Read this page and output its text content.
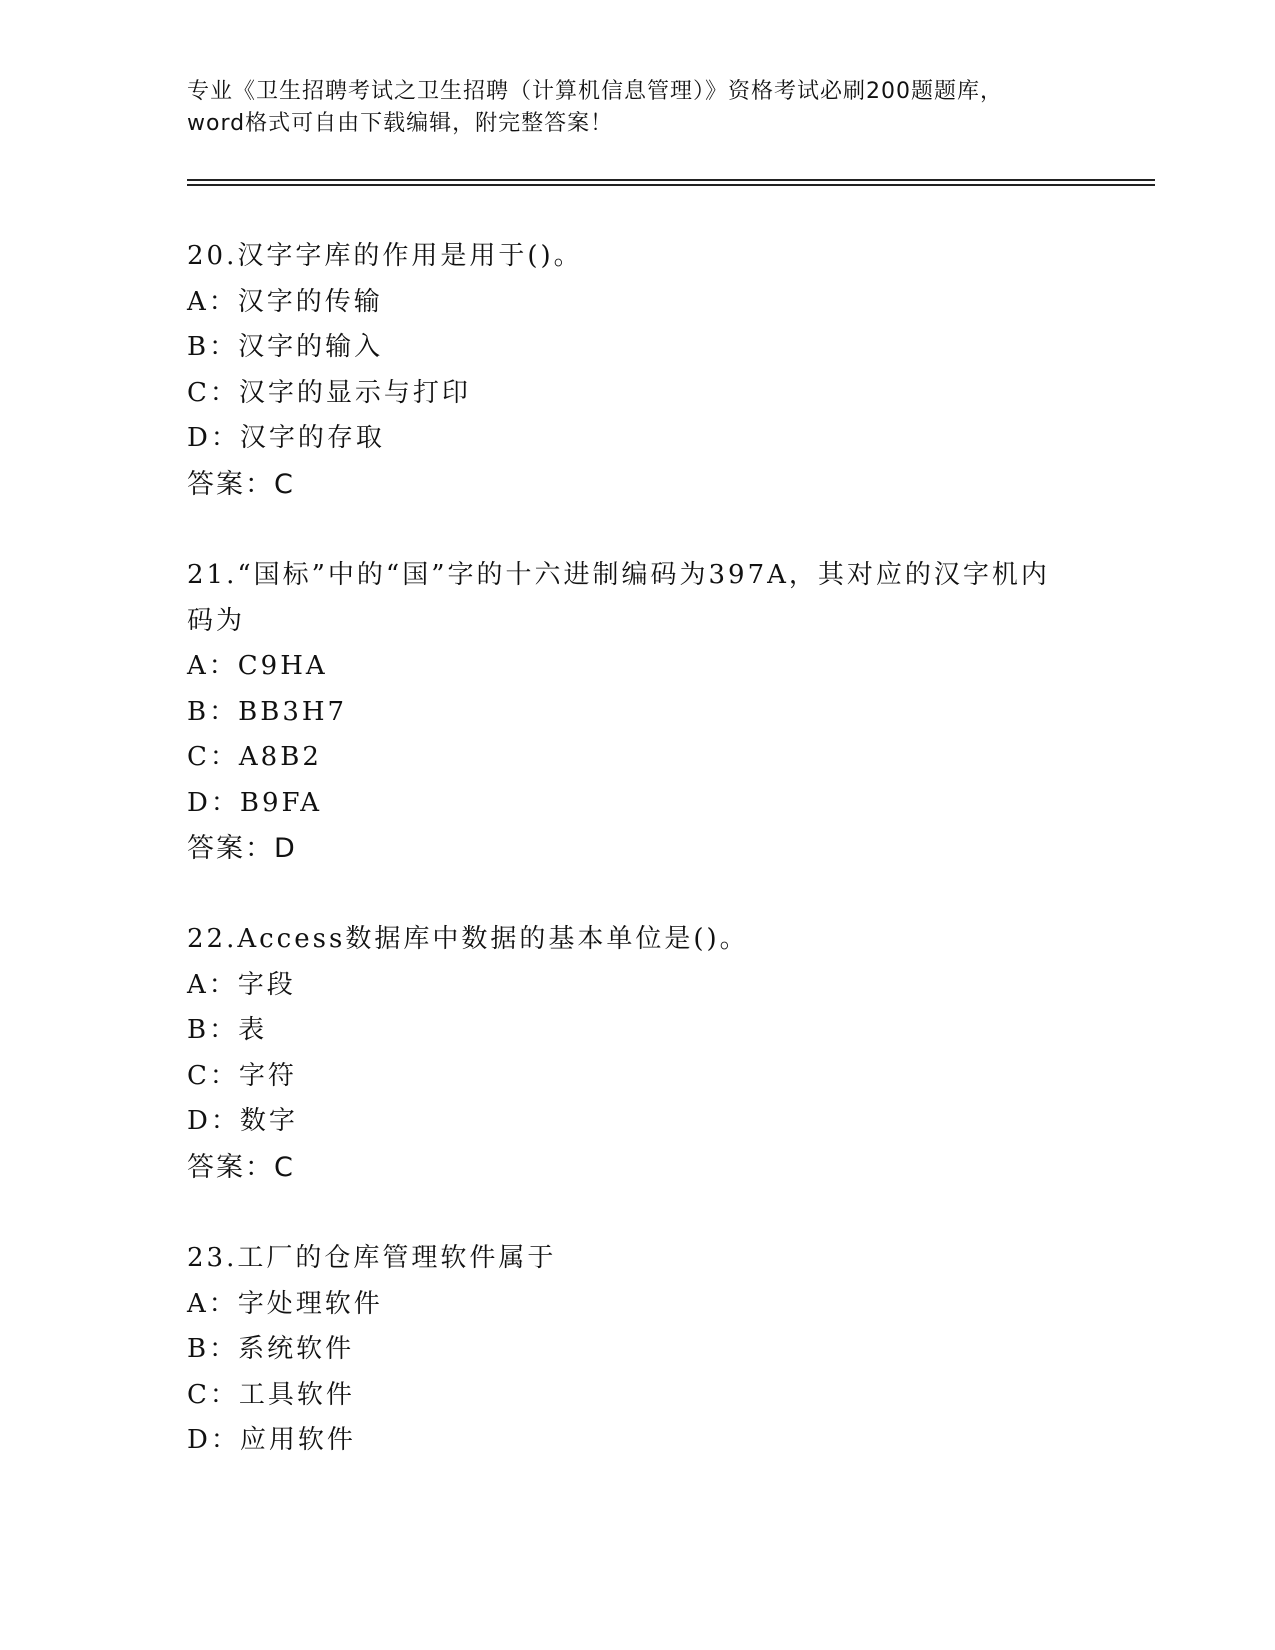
专业《卫生招聘考试之卫生招聘（计算机信息管理）》资格考试必刷200题题库，
word格式可自由下载编辑，附完整答案！
20.汉字字库的作用是用于()。
A：汉字的传输
B：汉字的输入
C：汉字的显示与打印
D：汉字的存取
答案：C
21.“国标”中的“国”字的十六进制编码为397A，其对应的汉字机内
码为
A：C9HA
B：BB3H7
C：A8B2
D：B9FA
答案：D
22.Access数据库中数据的基本单位是()。
A：字段
B：表
C：字符
D：数字
答案：C
23.工厂的仓库管理软件属于
A：字处理软件
B：系统软件
C：工具软件
D：应用软件
